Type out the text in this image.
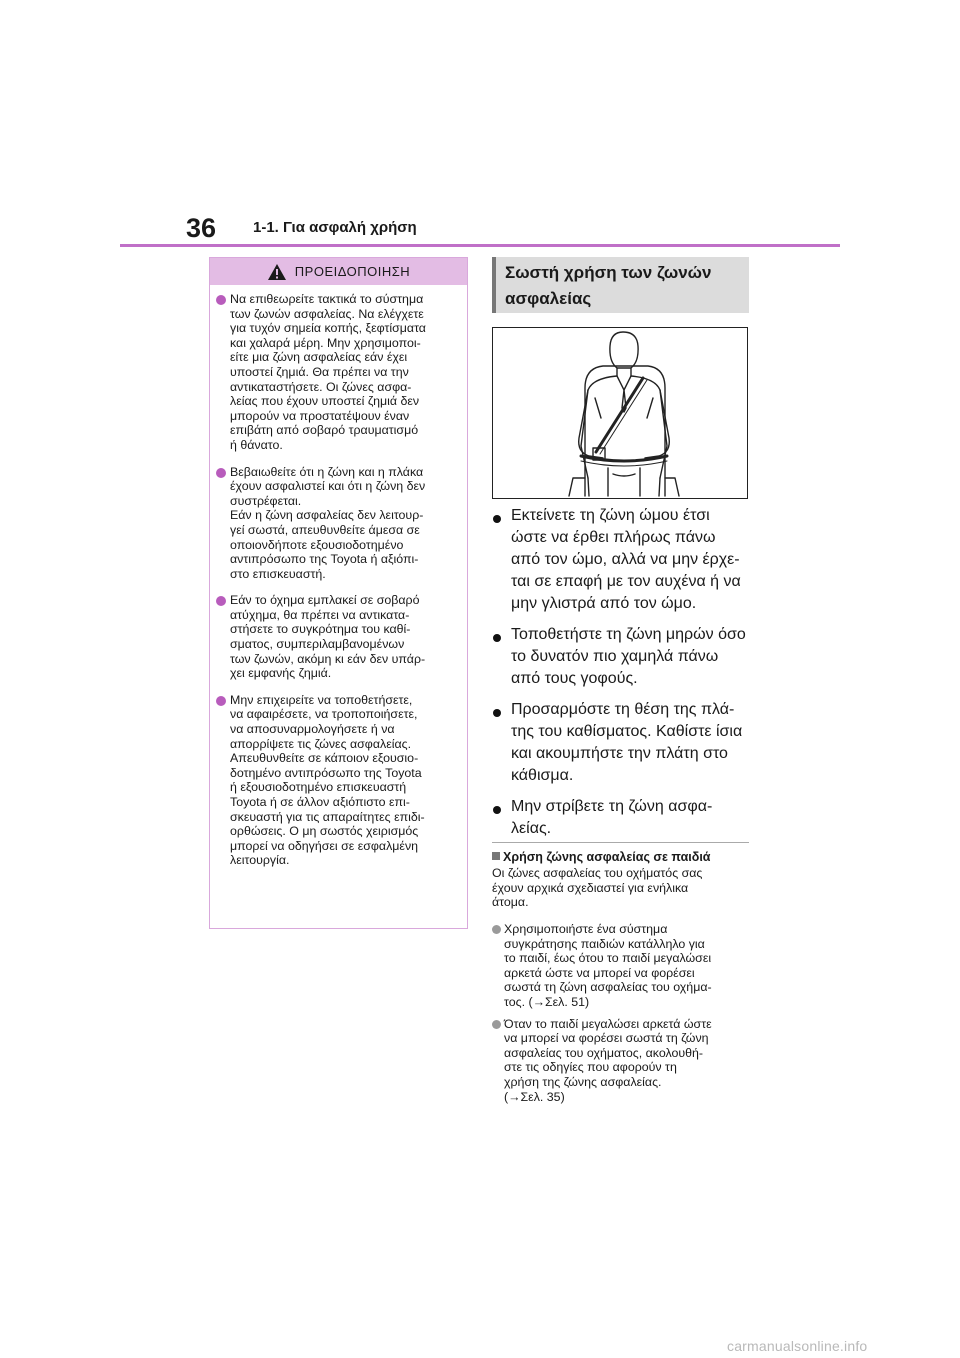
36 1-1. Για ασφαλή χρήση
ΠΡΟΕΙΔΟΠΟΙΗΣΗ
Να επιθεωρείτε τακτικά το σύστημα
των ζωνών ασφαλείας. Να ελέγχετε
για τυχόν σημεία κοπής, ξεφτίσματα
και χαλαρά μέρη. Μην χρησιμοποι-
είτε μια ζώνη ασφαλείας εάν έχει
υποστεί ζημιά. Θα πρέπει να την
αντικαταστήσετε. Οι ζώνες ασφα-
λείας που έχουν υποστεί ζημιά δεν
μπορούν να προστατέψουν έναν
επιβάτη από σοβαρό τραυματισμό
ή θάνατο.
Βεβαιωθείτε ότι η ζώνη και η πλάκα
έχουν ασφαλιστεί και ότι η ζώνη δεν
συστρέφεται.
Εάν η ζώνη ασφαλείας δεν λειτουρ-
γεί σωστά, απευθυνθείτε άμεσα σε
οποιονδήποτε εξουσιοδοτημένο
αντιπρόσωπο της Toyota ή αξιόπι-
στο επισκευαστή.
Εάν το όχημα εμπλακεί σε σοβαρό
ατύχημα, θα πρέπει να αντικατα-
στήσετε το συγκρότημα του καθί-
σματος, συμπεριλαμβανομένων
των ζωνών, ακόμη κι εάν δεν υπάρ-
χει εμφανής ζημιά.
Μην επιχειρείτε να τοποθετήσετε,
να αφαιρέσετε, να τροποποιήσετε,
να αποσυναρμολογήσετε ή να
απορρίψετε τις ζώνες ασφαλείας.
Απευθυνθείτε σε κάποιον εξουσιο-
δοτημένο αντιπρόσωπο της Toyota
ή εξουσιοδοτημένο επισκευαστή
Toyota ή σε άλλον αξιόπιστο επι-
σκευαστή για τις απαραίτητες επιδι-
ορθώσεις. Ο μη σωστός χειρισμός
μπορεί να οδηγήσει σε εσφαλμένη
λειτουργία.
Σωστή χρήση των ζωνών
ασφαλείας
Εκτείνετε τη ζώνη ώμου έτσι
ώστε να έρθει πλήρως πάνω
από τον ώμο, αλλά να μην έρχε-
ται σε επαφή με τον αυχένα ή να
μην γλιστρά από τον ώμο.
Τοποθετήστε τη ζώνη μηρών όσο
το δυνατόν πιο χαμηλά πάνω
από τους γοφούς.
Προσαρμόστε τη θέση της πλά-
της του καθίσματος. Καθίστε ίσια
και ακουμπήστε την πλάτη στο
κάθισμα.
Μην στρίβετε τη ζώνη ασφα-
λείας.
Χρήση ζώνης ασφαλείας σε παιδιά
Οι ζώνες ασφαλείας του οχήματός σας
έχουν αρχικά σχεδιαστεί για ενήλικα
άτομα.
Χρησιμοποιήστε ένα σύστημα
συγκράτησης παιδιών κατάλληλο για
το παιδί, έως ότου το παιδί μεγαλώσει
αρκετά ώστε να μπορεί να φορέσει
σωστά τη ζώνη ασφαλείας του οχήμα-
τος. (→Σελ. 51)
Όταν το παιδί μεγαλώσει αρκετά ώστε
να μπορεί να φορέσει σωστά τη ζώνη
ασφαλείας του οχήματος, ακολουθή-
στε τις οδηγίες που αφορούν τη
χρήση της ζώνης ασφαλείας.
(→Σελ. 35)
carmanualsonline.info
